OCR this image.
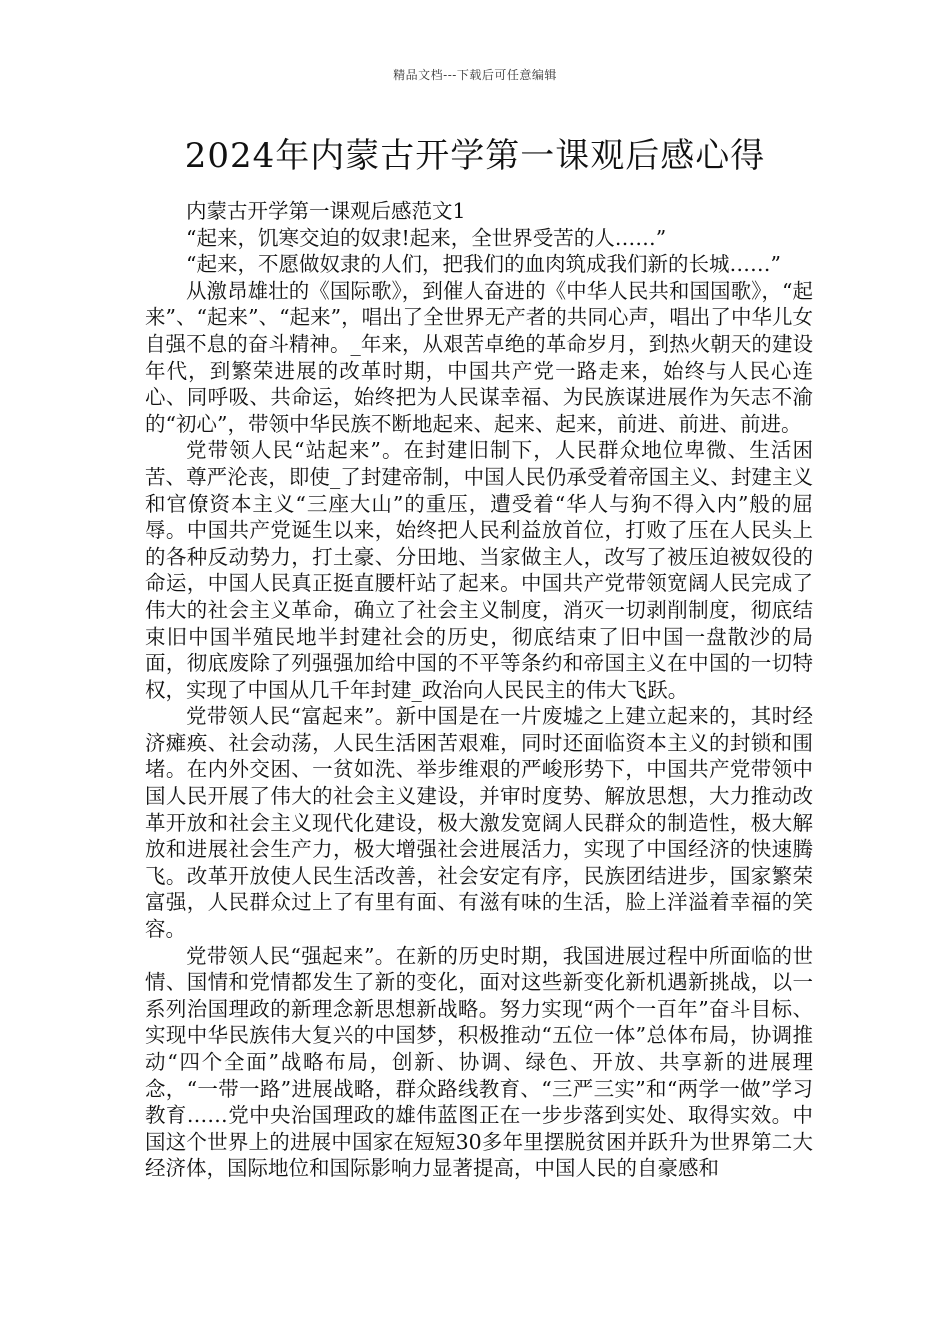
精品文档---下载后可任意编辑
2024年内蒙古开学第一课观后感心得

内蒙古开学第一课观后感范文1

“起来，饥寒交迫的奴隶!起来，全世界受苦的人……”

“起来，不愿做奴隶的人们，把我们的血肉筑成我们新的长城……”

从激昂雄壮的《国际歌》，到催人奋进的《中华人民共和国国歌》，“起来”、“起来”、“起来”，唱出了全世界无产者的共同心声，唱出了中华儿女自强不息的奋斗精神。_年来，从艰苦卓绝的革命岁月，到热火朝天的建设年代，到繁荣进展的改革时期，中国共产党一路走来，始终与人民心连心、同呼吸、共命运，始终把为人民谋幸福、为民族谋进展作为矢志不渝的“初心”，带领中华民族不断地起来、起来、起来，前进、前进、前进。

党带领人民“站起来”。在封建旧制下，人民群众地位卑微、生活困苦、尊严沦丧，即使_了封建帝制，中国人民仍承受着帝国主义、封建主义和官僚资本主义“三座大山”的重压，遭受着“华人与狗不得入内”般的屈辱。中国共产党诞生以来，始终把人民利益放首位，打败了压在人民头上的各种反动势力，打土豪、分田地、当家做主人，改写了被压迫被奴役的命运，中国人民真正挺直腰杆站了起来。中国共产党带领宽阔人民完成了伟大的社会主义革命，确立了社会主义制度，消灭一切剥削制度，彻底结束旧中国半殖民地半封建社会的历史，彻底结束了旧中国一盘散沙的局面，彻底废除了列强强加给中国的不平等条约和帝国主义在中国的一切特权，实现了中国从几千年封建_政治向人民民主的伟大飞跃。

党带领人民“富起来”。新中国是在一片废墟之上建立起来的，其时经济瘫痪、社会动荡，人民生活困苦艰难，同时还面临资本主义的封锁和围堵。在内外交困、一贫如洗、举步维艰的严峻形势下，中国共产党带领中国人民开展了伟大的社会主义建设，并审时度势、解放思想，大力推动改革开放和社会主义现代化建设，极大激发宽阔人民群众的制造性，极大解放和进展社会生产力，极大增强社会进展活力，实现了中国经济的快速腾飞。改革开放使人民生活改善，社会安定有序，民族团结进步，国家繁荣富强，人民群众过上了有里有面、有滋有味的生活，脸上洋溢着幸福的笑容。

党带领人民“强起来”。在新的历史时期，我国进展过程中所面临的世情、国情和党情都发生了新的变化，面对这些新变化新机遇新挑战，以一系列治国理政的新理念新思想新战略。努力实现“两个一百年”奋斗目标、实现中华民族伟大复兴的中国梦，积极推动“五位一体”总体布局，协调推动“四个全面”战略布局，创新、协调、绿色、开放、共享新的进展理念，“一带一路”进展战略，群众路线教育、“三严三实”和“两学一做”学习教育……党中央治国理政的雄伟蓝图正在一步步落到实处、取得实效。中国这个世界上的进展中国家在短短30多年里摆脱贫困并跃升为世界第二大经济体，国际地位和国际影响力显著提高，中国人民的自豪感和
